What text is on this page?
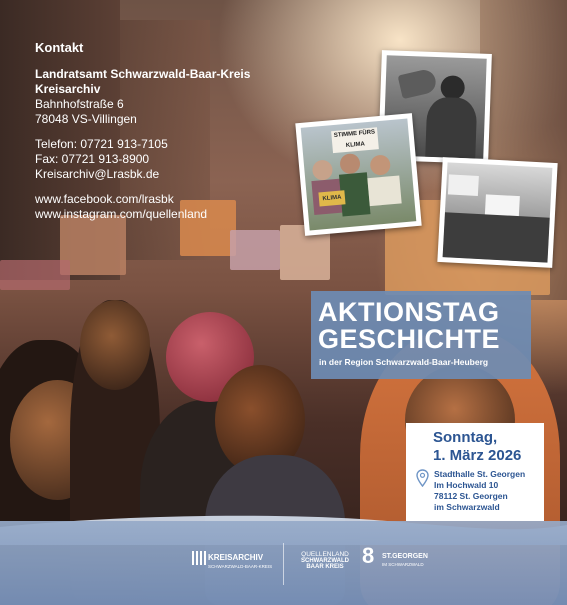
Kontakt
Landratsamt Schwarzwald-Baar-Kreis
Kreisarchiv
Bahnhofstraße 6
78048 VS-Villingen
Telefon: 07721 913-7105
Fax: 07721 913-8900
Kreisarchiv@Lrasbk.de
www.facebook.com/lrasbk
www.instagram.com/quellenland
STIMME FÜRS KLIMA
KLIMA
AKTIONSTAG
GESCHICHTE
in der Region Schwarzwald-Baar-Heuberg
Sonntag,
1. März 2026
Stadthalle St. Georgen
Im Hochwald 10
78112 St. Georgen
im Schwarzwald
KREISARCHIV
SCHWARZWALD-BAAR-KREIS
QUELLENLAND
SCHWARZWALD
BAAR KREIS 8 ST.GEORGEN
IM SCHWARZWALD
